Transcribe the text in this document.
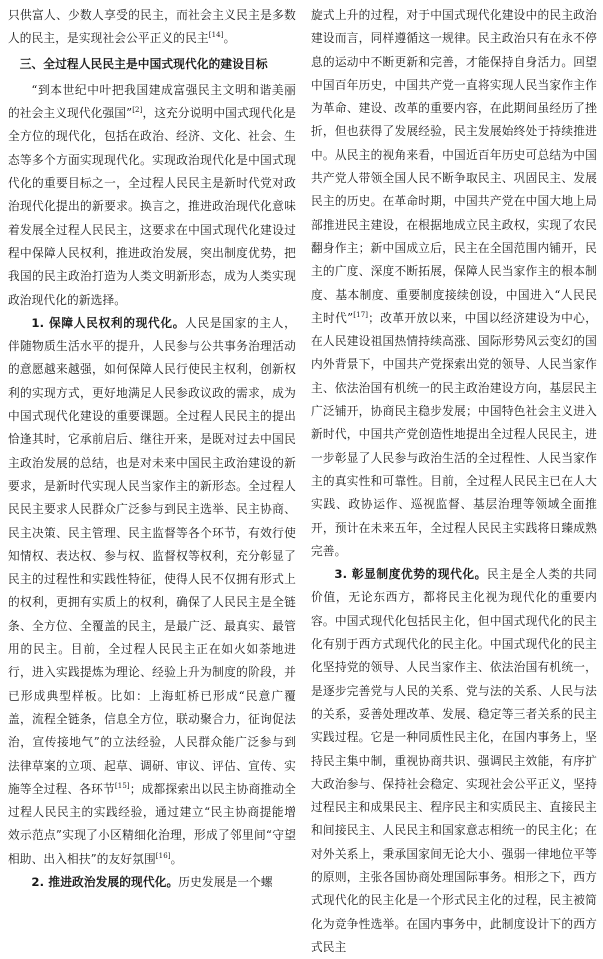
只供富人、少数人享受的民主，而社会主义民主是多数人的民主，是实现社会公平正义的民主[14]。

三、全过程人民民主是中国式现代化的建设目标

“到本世纪中叶把我国建成富强民主文明和谐美丽的社会主义现代化强国”[2]，这充分说明中国式现代化是全方位的现代化，包括在政治、经济、文化、社会、生态等多个方面实现现代化。实现政治现代化是中国式现代化的重要目标之一，全过程人民民主是新时代党对政治现代化提出的新要求。换言之，推进政治现代化意味着发展全过程人民民主，这要求在中国式现代化建设过程中保障人民权利，推进政治发展，突出制度优势，把我国的民主政治打造为人类文明新形态，成为人类实现政治现代化的新选择。

1. 保障人民权利的现代化。人民是国家的主人，伴随物质生活水平的提升，人民参与公共事务治理活动的意愿越来越强，如何保障人民行使民主权利，创新权利的实现方式，更好地满足人民参政议政的需求，成为中国式现代化建设的重要课题。全过程人民民主的提出恰逢其时，它承前启后、继往开来，是既对过去中国民主政治发展的总结，也是对未来中国民主政治建设的新要求，是新时代实现人民当家作主的新形态。全过程人民民主要求人民群众广泛参与到民主选举、民主协商、民主决策、民主管理、民主监督等各个环节，有效行使知情权、表达权、参与权、监督权等权利，充分彰显了民主的过程性和实践性特征，使得人民不仅拥有形式上的权利，更拥有实质上的权利，确保了人民民主是全链条、全方位、全覆盖的民主，是最广泛、最真实、最管用的民主。目前，全过程人民民主正在如火如荼地进行，进入实践提炼为理论、经验上升为制度的阶段，并已形成典型样板。比如：上海虹桥已形成“民意广覆盖，流程全链条，信息全方位，联动聚合力，征询促法治，宣传接地气”的立法经验，人民群众能广泛参与到法律草案的立项、起草、调研、审议、评估、宣传、实施等全过程、各环节[15]；成都探索出以民主协商推动全过程人民民主的实践经验，通过建立“民主协商提能增效示范点”实现了小区精细化治理，形成了邻里间“守望相助、出入相扶”的友好氛围[16]。

2. 推进政治发展的现代化。历史发展是一个螺

旋式上升的过程，对于中国式现代化建设中的民主政治建设而言，同样遵循这一规律。民主政治只有在永不停息的运动中不断更新和完善，才能保持自身活力。回望中国百年历史，中国共产党一直将实现人民当家作主作为革命、建设、改革的重要内容，在此期间虽经历了挫折，但也获得了发展经验，民主发展始终处于持续推进中。从民主的视角来看，中国近百年历史可总结为中国共产党人带领全国人民不断争取民主、巩固民主、发展民主的历史。在革命时期，中国共产党在中国大地上局部推进民主建设，在根据地成立民主政权，实现了农民翻身作主；新中国成立后，民主在全国范围内铺开，民主的广度、深度不断拓展，保障人民当家作主的根本制度、基本制度、重要制度接续创设，中国进入“人民民主时代”[17]；改革开放以来，中国以经济建设为中心，在人民建设祖国热情持续高涨、国际形势风云变幻的国内外背景下，中国共产党探索出党的领导、人民当家作主、依法治国有机统一的民主政治建设方向，基层民主广泛铺开，协商民主稳步发展；中国特色社会主义进入新时代，中国共产党创造性地提出全过程人民民主，进一步彰显了人民参与政治生活的全过程性、人民当家作主的真实性和可靠性。目前，全过程人民民主已在人大实践、政协运作、巡视监督、基层治理等领域全面推开，预计在未来五年，全过程人民民主实践将日臻成熟完善。

3. 彰显制度优势的现代化。民主是全人类的共同价值，无论东西方，都将民主化视为现代化的重要内容。中国式现代化包括民主化，但中国式现代化的民主化有别于西方式现代化的民主化。中国式现代化的民主化坚持党的领导、人民当家作主、依法治国有机统一，是逐步完善党与人民的关系、党与法的关系、人民与法的关系，妥善处理改革、发展、稳定等三者关系的民主实践过程。它是一种同质性民主化，在国内事务上，坚持民主集中制，重视协商共识、强调民主效能，有序扩大政治参与、保持社会稳定、实现社会公平正义，坚持过程民主和成果民主、程序民主和实质民主、直接民主和间接民主、人民民主和国家意志相统一的民主化；在对外关系上，秉承国家间无论大小、强弱一律地位平等的原则，主张各国协商处理国际事务。相形之下，西方式现代化的民主化是一个形式民主化的过程，民主被简化为竞争性选举。在国内事务中，此制度设计下的西方式民主
